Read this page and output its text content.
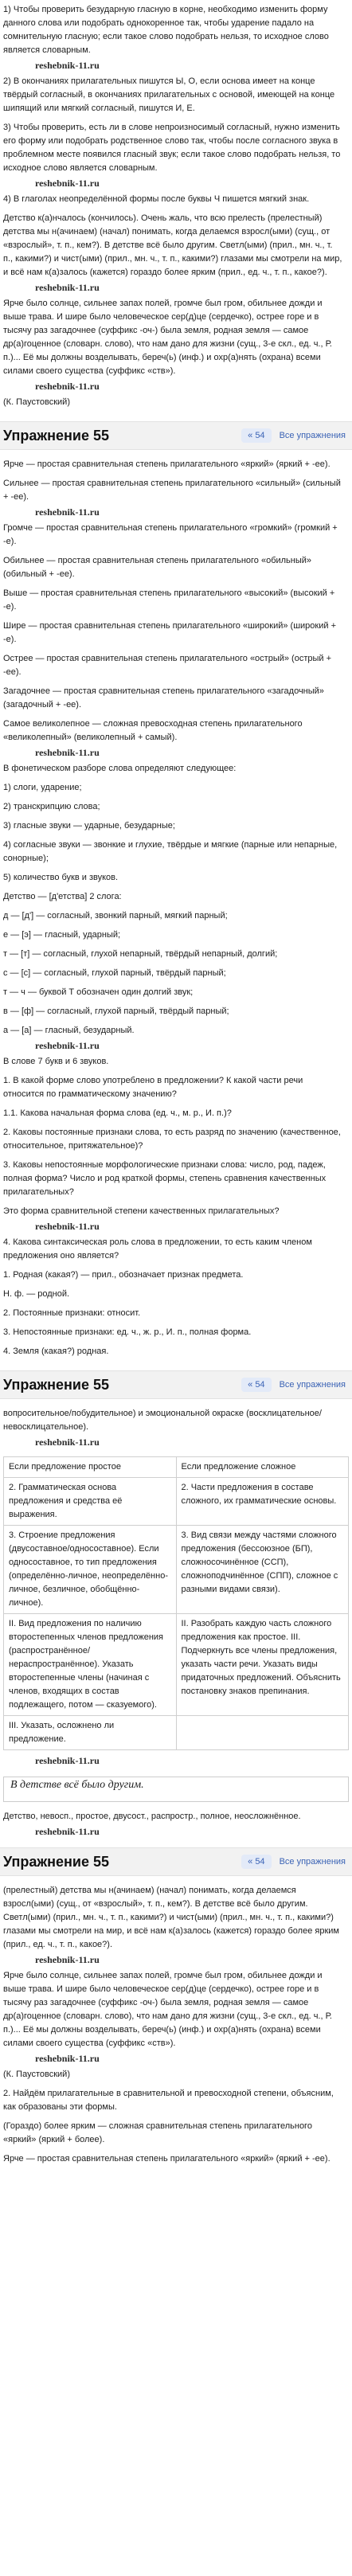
1) Чтобы проверить безударную гласную в корне, необходимо изменить форму данного слова или подобрать однокоренное так, чтобы ударение падало на сомнительную гласную; если такое слово подобрать нельзя, то исходное слово является словарным.

reshebnik-11.ru

2) В окончаниях прилагательных пишутся Ы, О, если основа имеет на конце твёрдый согласный, в окончаниях прилагательных с основой, имеющей на конце шипящий или мягкий согласный, пишутся И, Е.

3) Чтобы проверить, есть ли в слове непроизносимый согласный, нужно изменить его форму или подобрать родственное слово так, чтобы после согласного звука в проблемном месте появился гласный звук; если такое слово подобрать нельзя, то исходное слово является словарным.

reshebnik-11.ru

4) В глаголах неопределённой формы после буквы Ч пишется мягкий знак.

Детство к(а)нчалось (кончилось). Очень жаль, что всю прелесть (прелестный) детства мы н(ачинаем) (начал) понимать, когда делаемся взросл(ыми) (сущ., от «взрослый», т. п., кем?). В детстве всё было другим. Светл(ыми) (прил., мн. ч., т. п., какими?) и чист(ыми) (прил., мн. ч., т. п., какими?) глазами мы смотрели на мир, и всё нам к(а)залось (кажется) гораздо более ярким (прил., ед. ч., т. п., какое?).

reshebnik-11.ru

Ярче было солнце, сильнее запах полей, громче был гром, обильнее дожди и выше трава. И шире было человеческое сер(д)це (сердечко), острее горе и в тысячу раз загадочнее (суффикс -оч-) была земля, родная земля — самое др(а)гоценное (словарн. слово), что нам дано для жизни (сущ., 3-е скл., ед. ч., Р. п.)... Её мы должны возделывать, береч(ь) (инф.) и охр(а)нять (охрана) всеми силами своего существа (суффикс «ств»).

reshebnik-11.ru

(К. Паустовский)

Упражнение 55	« 54	Все упражнения

Ярче — простая сравнительная степень прилагательного «яркий» (яркий + -ее).

Сильнее — простая сравнительная степень прилагательного «сильный» (сильный + -ее).

reshebnik-11.ru

Громче — простая сравнительная степень прилагательного «громкий» (громкий + -е).

Обильнее — простая сравнительная степень прилагательного «обильный» (обильный + -ее).

Выше — простая сравнительная степень прилагательного «высокий» (высокий + -е).

Шире — простая сравнительная степень прилагательного «широкий» (широкий + -е).

Острее — простая сравнительная степень прилагательного «острый» (острый + -ее).

Загадочнее — простая сравнительная степень прилагательного «загадочный» (загадочный + -ее).

Самое великолепное — сложная превосходная степень прилагательного «великолепный» (великолепный + самый).

reshebnik-11.ru

В фонетическом разборе слова определяют следующее:

1) слоги, ударение;

2) транскрипцию слова;

3) гласные звуки — ударные, безударные;

4) согласные звуки — звонкие и глухие, твёрдые и мягкие (парные или непарные, сонорные);

5) количество букв и звуков.

Детство — [д'етства] 2 слога:

д — [д'] — согласный, звонкий парный, мягкий парный;

е — [э] — гласный, ударный;

т — [т] — согласный, глухой непарный, твёрдый непарный, долгий;

с — [с] — согласный, глухой парный, твёрдый парный;

т — ч — буквой Т обозначен один долгий звук;

в — [ф] — согласный, глухой парный, твёрдый парный;

а — [а] — гласный, безударный.

reshebnik-11.ru

В слове 7 букв и 6 звуков.

1. В какой форме слово употреблено в предложении? К какой части речи относится по грамматическому значению?

1.1. Какова начальная форма слова (ед. ч., м. р., И. п.)?

2. Каковы постоянные признаки слова, то есть разряд по значению (качественное, относительное, притяжательное)?

3. Каковы непостоянные морфологические признаки слова: число, род, падеж, полная форма? Число и род краткой формы, степень сравнения качественных прилагательных?

Это форма сравнительной степени качественных прилагательных?

reshebnik-11.ru

4. Какова синтаксическая роль слова в предложении, то есть каким членом предложения оно является?

1. Родная (какая?) — прил., обозначает признак предмета.

Н. ф. — родной.

2. Постоянные признаки: относит.

3. Непостоянные признаки: ед. ч., ж. р., И. п., полная форма.

4. Земля (какая?) родная.

Упражнение 55	« 54	Все упражнения

вопросительное/побудительное) и эмоциональной окраске (восклицательное/невосклицательное).

reshebnik-11.ru
Если предложение простое	Если предложение сложное
2. Грамматическая основа предложения и средства её выражения.	2. Части предложения в составе сложного, их грамматические основы.
3. Строение предложения (двусоставное/односоставное). Если односоставное, то тип предложения (определённо-личное, неопределённо-личное, безличное, обобщённо-личное).	3. Вид связи между частями сложного предложения (бессоюзное (БП), сложносочинённое (ССП), сложноподчинённое (СПП), сложное с разными видами связи).
II. Вид предложения по наличию второстепенных членов предложения (распространённое/ нераспространённое). Указать второстепенные члены (начиная с членов, входящих в состав подлежащего, потом — сказуемого).	II. Разобрать каждую часть сложного предложения как простое. III. Подчеркнуть все члены предложения, указать части речи. Указать виды придаточных предложений. Объяснить постановку знаков препинания.
III. Указать, осложнено ли предложение.	
reshebnik-11.ru
В детстве всё было другим.

Детство, невосп., простое, двусост., распростр., полное, неосложнённое.

reshebnik-11.ru
Упражнение 55	« 54	Все упражнения

(прелестный) детства мы н(ачинаем) (начал) понимать, когда делаемся взросл(ыми) (сущ., от «взрослый», т. п., кем?). В детстве всё было другим. Светл(ыми) (прил., мн. ч., т. п., какими?) и чист(ыми) (прил., мн. ч., т. п., какими?) глазами мы смотрели на мир, и всё нам к(а)залось (кажется) гораздо более ярким (прил., ед. ч., т. п., какое?).

reshebnik-11.ru

Ярче было солнце, сильнее запах полей, громче был гром, обильнее дожди и выше трава. И шире было человеческое сер(д)це (сердечко), острее горе и в тысячу раз загадочнее (суффикс -оч-) была земля, родная земля — самое др(а)гоценное (словарн. слово), что нам дано для жизни (сущ., 3-е скл., ед. ч., Р. п.)... Её мы должны возделывать, береч(ь) (инф.) и охр(а)нять (охрана) всеми силами своего существа (суффикс «ств»).

reshebnik-11.ru

(К. Паустовский)

2. Найдём прилагательные в сравнительной и превосходной степени, объясним, как образованы эти формы.

(Гораздо) более ярким — сложная сравнительная степень прилагательного «яркий» (яркий + более).

Ярче — простая сравнительная степень прилагательного «яркий» (яркий + -ее).
